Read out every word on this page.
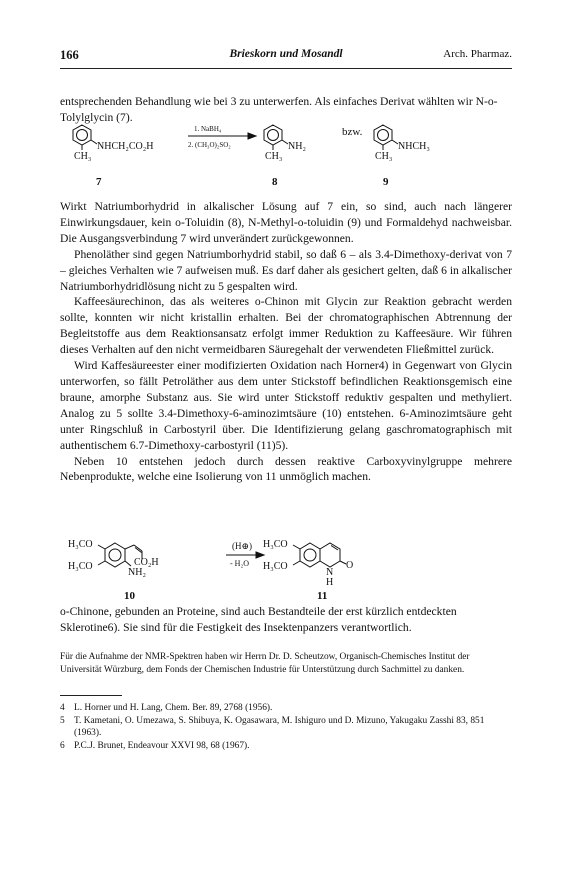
166	Brieskorn und Mosandl	Arch. Pharmaz.
entsprechenden Behandlung wie bei 3 zu unterwerfen. Als einfaches Derivat wählten wir N-o-Tolylglycin (7).
NHCH₂CO₂H
CH₃
1. NaBH₄
2. (CH₃O)₂SO₂	NH₂
CH₃
bzw.
NHCH₃
CH₃
7	8	9

Wirkt Natriumborhydrid in alkalischer Lösung auf 7 ein, so sind, auch nach längerer Einwirkungsdauer, kein o-Toluidin (8), N-Methyl-o-toluidin (9) und Formaldehyd nachweisbar. Die Ausgangsverbindung 7 wird unverändert zurückgewonnen.

Phenoläther sind gegen Natriumborhydrid stabil, so daß 6 – als 3.4-Dimethoxy-derivat von 7 – gleiches Verhalten wie 7 aufweisen muß. Es darf daher als gesichert gelten, daß 6 in alkalischer Natriumborhydridlösung nicht zu 5 gespalten wird.

Kaffeesäurechinon, das als weiteres o-Chinon mit Glycin zur Reaktion gebracht werden sollte, konnten wir nicht kristallin erhalten. Bei der chromatographischen Abtrennung der Begleitstoffe aus dem Reaktionsansatz erfolgt immer Reduktion zu Kaffeesäure. Wir führen dieses Verhalten auf den nicht vermeidbaren Säuregehalt der verwendeten Fließmittel zurück.

Wird Kaffesäureester einer modifizierten Oxidation nach Horner4) in Gegenwart von Glycin unterworfen, so fällt Petroläther aus dem unter Stickstoff befindlichen Reaktionsgemisch eine braune, amorphe Substanz aus. Sie wird unter Stickstoff reduktiv gespalten und methyliert. Analog zu 5 sollte 3.4-Dimethoxy-6-aminozimtsäure (10) entstehen. 6-Aminozimtsäure geht unter Ringschluß in Carbostyril über. Die Identifizierung gelang gaschromatographisch mit authentischem 6.7-Dimethoxy-carbostyril (11)5).

Neben 10 entstehen jedoch durch dessen reaktive Carboxyvinylgruppe mehrere Nebenprodukte, welche eine Isolierung von 11 unmöglich machen.

H₃CO
H₃CO	CO₂H
NH₂
(H⊕)
- H₂O
H₃CO
H₃CO	O
N
H
10	11
o-Chinone, gebunden an Proteine, sind auch Bestandteile der erst kürzlich entdeckten Sklerotine6). Sie sind für die Festigkeit des Insektenpanzers verantwortlich.
Für die Aufnahme der NMR-Spektren haben wir Herrn Dr. D. Scheutzow, Organisch-Chemisches Institut der Universität Würzburg, dem Fonds der Chemischen Industrie für Unterstützung durch Sachmittel zu danken.
4 L. Horner und H. Lang, Chem. Ber. 89, 2768 (1956).
5 T. Kametani, O. Umezawa, S. Shibuya, K. Ogasawara, M. Ishiguro und D. Mizuno, Yakugaku Zasshi 83, 851 (1963).
6 P.C.J. Brunet, Endeavour XXVI 98, 68 (1967).
